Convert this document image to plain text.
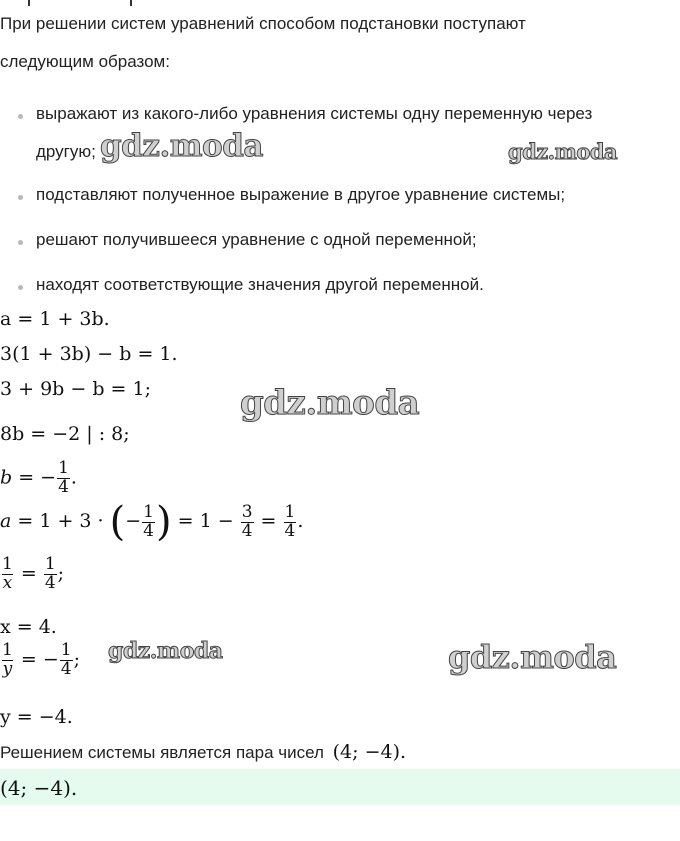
При решении систем уравнений способом подстановки поступают
следующим образом:
выражают из какого-либо уравнения системы одну переменную через
другую;
подставляют полученное выражение в другое уравнение системы;
решают получившееся уравнение с одной переменной;
находят соответствующие значения другой переменной.
a = 1 + 3b.
3(1 + 3b) − b = 1.
3 + 9b − b = 1;
8b = −2 | : 8;
b = − $\frac{1}{4}$ .
a = 1 + 3 · (− $\frac{1}{4}$ ) = $1 - \frac{3}{4} = \frac{1}{4}$ .
$\frac{1}{x} = \frac{1}{4}$ ;
x = 4.
$\frac{1}{y}$ = − $\frac{1}{4}$ ;
y = −4.
Решением системы является пара чисел (4; −4).
(4; −4).
gdz.moda	gdz.moda
gdz.moda
gdz.moda	gdz.moda
